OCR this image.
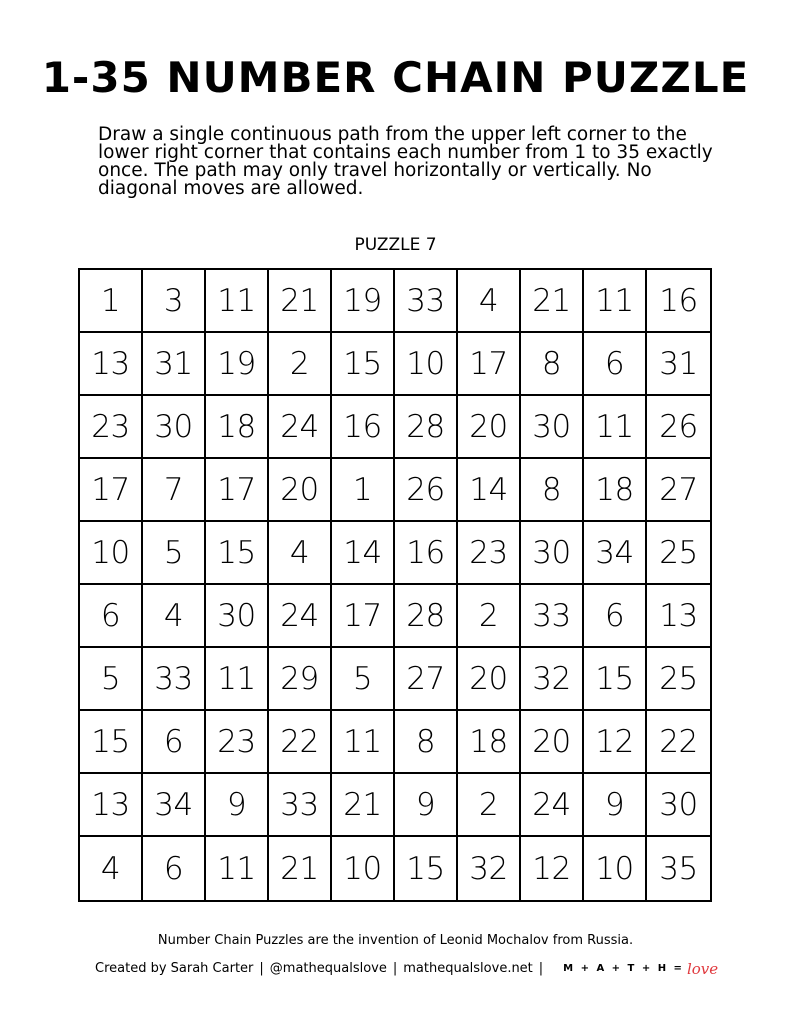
1-35 NUMBER CHAIN PUZZLE

Draw a single continuous path from the upper left corner to the lower right corner that contains each number from 1 to 35 exactly once. The path may only travel horizontally or vertically. No diagonal moves are allowed.

PUZZLE 7
1	3	11 21 19 33	4	21 11 16
13 31 19	2	15 10 17	8	6	31
23 30 18 24 16 28 20 30 11 26
17	7	17 20	1	26 14	8	18 27
10	5	15	4	14 16 23 30 34 25
6	4	30 24 17 28	2	33	6	13
5	33 11 29	5	27 20 32 15 25
15	6	23 22 11	8	18 20 12 22
13 34	9	33 21	9	2	24	9	30
4	6	11 21 10 15 32 12 10 35
Number Chain Puzzles are the invention of Leonid Mochalov from Russia.
Created by Sarah Carter | @mathequalslove | mathequalslove.net | M + A + T + H = love
